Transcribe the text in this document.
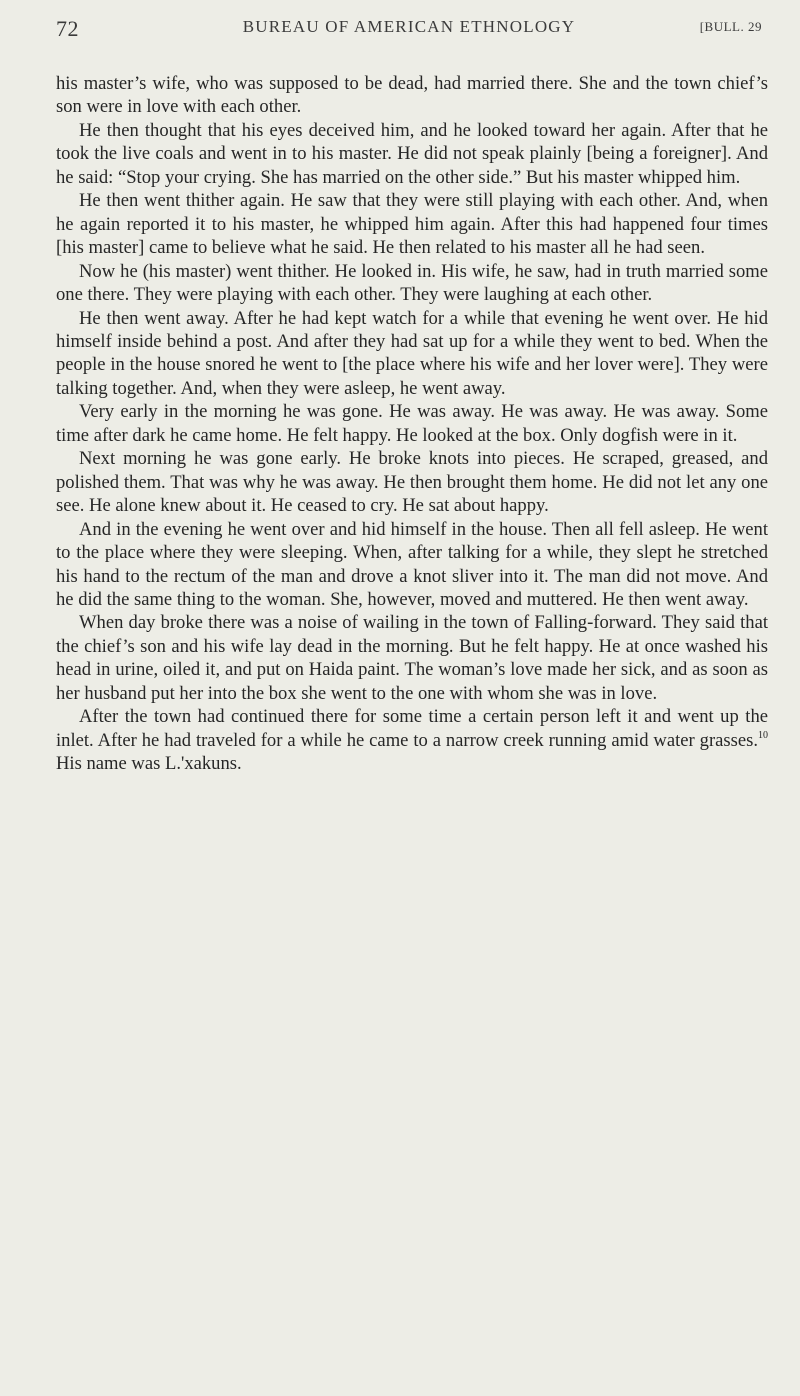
72	BUREAU OF AMERICAN ETHNOLOGY	[BULL. 29

his master’s wife, who was supposed to be dead, had married there. She and the town chief’s son were in love with each other.

He then thought that his eyes deceived him, and he looked toward her again. After that he took the live coals and went in to his master. He did not speak plainly [being a foreigner]. And he said: “Stop your crying. She has married on the other side.” But his master whipped him.

He then went thither again. He saw that they were still playing with each other. And, when he again reported it to his master, he whipped him again. After this had happened four times [his master] came to believe what he said. He then related to his master all he had seen.

Now he (his master) went thither. He looked in. His wife, he saw, had in truth married some one there. They were playing with each other. They were laughing at each other.

He then went away. After he had kept watch for a while that evening he went over. He hid himself inside behind a post. And after they had sat up for a while they went to bed. When the people in the house snored he went to [the place where his wife and her lover were]. They were talking together. And, when they were asleep, he went away.

Very early in the morning he was gone. He was away. He was away. He was away. Some time after dark he came home. He felt happy. He looked at the box. Only dogfish were in it.

Next morning he was gone early. He broke knots into pieces. He scraped, greased, and polished them. That was why he was away. He then brought them home. He did not let any one see. He alone knew about it. He ceased to cry. He sat about happy.

And in the evening he went over and hid himself in the house. Then all fell asleep. He went to the place where they were sleeping. When, after talking for a while, they slept he stretched his hand to the rectum of the man and drove a knot sliver into it. The man did not move. And he did the same thing to the woman. She, however, moved and muttered. He then went away.

When day broke there was a noise of wailing in the town of Falling-forward. They said that the chief’s son and his wife lay dead in the morning. But he felt happy. He at once washed his head in urine, oiled it, and put on Haida paint. The woman’s love made her sick, and as soon as her husband put her into the box she went to the one with whom she was in love.

After the town had continued there for some time a certain person left it and went up the inlet. After he had traveled for a while he came to a narrow creek running amid water grasses.$^{10}$ His name was L.'xakuns.
